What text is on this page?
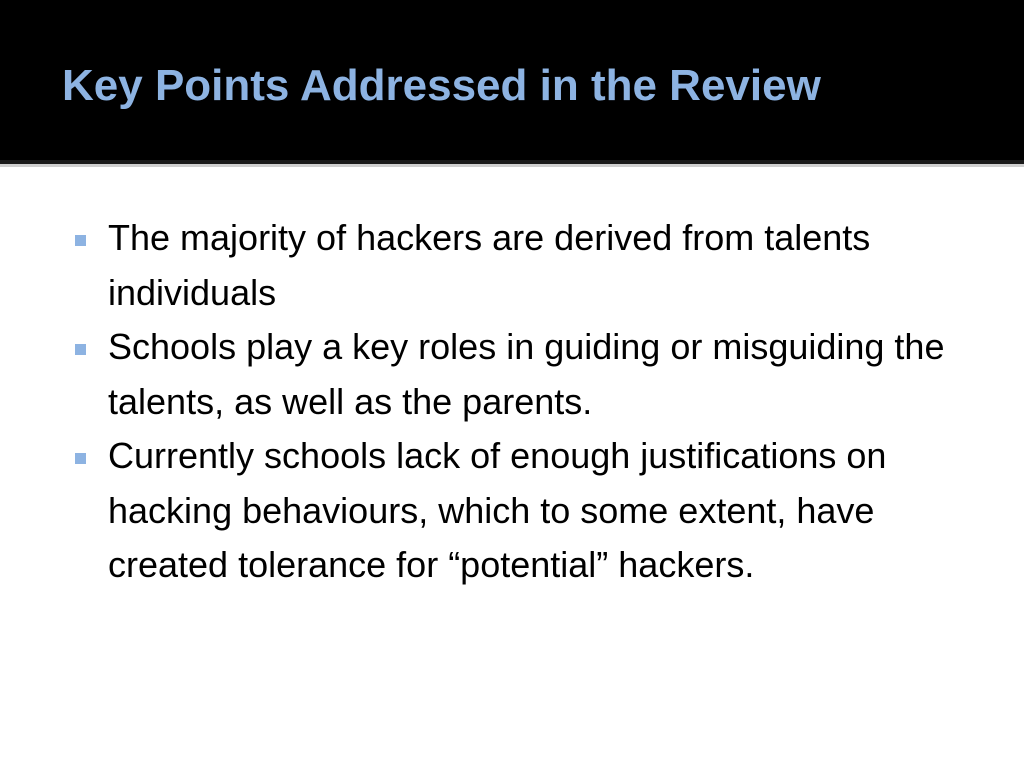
Key Points Addressed in the Review
The majority of hackers are derived from talents individuals
Schools play a key roles in guiding or misguiding the talents, as well as the parents.
Currently schools lack of enough justifications on hacking behaviours, which to some extent, have created tolerance for “potential” hackers.
